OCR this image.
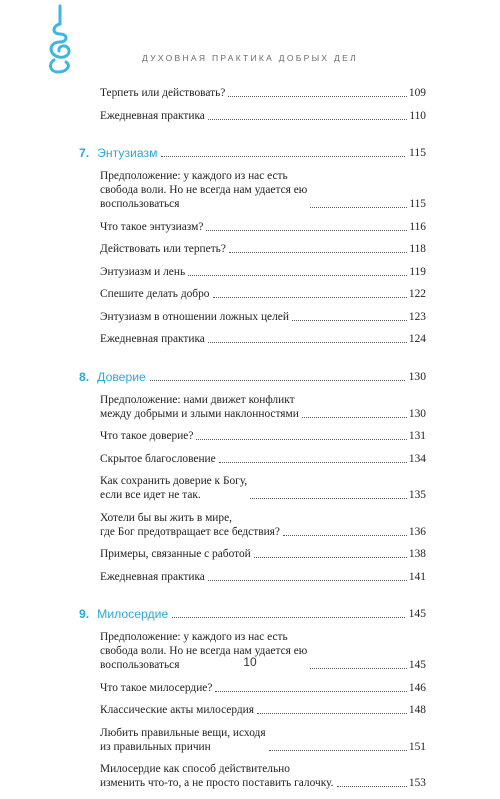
ДУХОВНАЯ ПРАКТИКА ДОБРЫХ ДЕЛ
Терпеть или действовать?	109
Ежедневная практика	110
7. Энтузиазм	115
Предположение: у каждого из нас есть
свобода воли. Но не всегда нам удается ею
воспользоваться	115
Что такое энтузиазм?	116
Действовать или терпеть?	118
Энтузиазм и лень	119
Спешите делать добро	122
Энтузиазм в отношении ложных целей	123
Ежедневная практика	124
8. Доверие	130
Предположение: нами движет конфликт
между добрыми и злыми наклонностями	130
Что такое доверие?	131
Скрытое благословение	134
Как сохранить доверие к Богу,
если все идет не так.	135
Хотели бы вы жить в мире,
где Бог предотвращает все бедствия?	136
Примеры, связанные с работой	138
Ежедневная практика	141
9. Милосердие	145
Предположение: у каждого из нас есть
свобода воли. Но не всегда нам удается ею
воспользоваться	145
Что такое милосердие?	146
Классические акты милосердия	148
Любить правильные вещи, исходя
из правильных причин	151
Милосердие как способ действительно
изменить что-то, а не просто поставить галочку.	153
10
